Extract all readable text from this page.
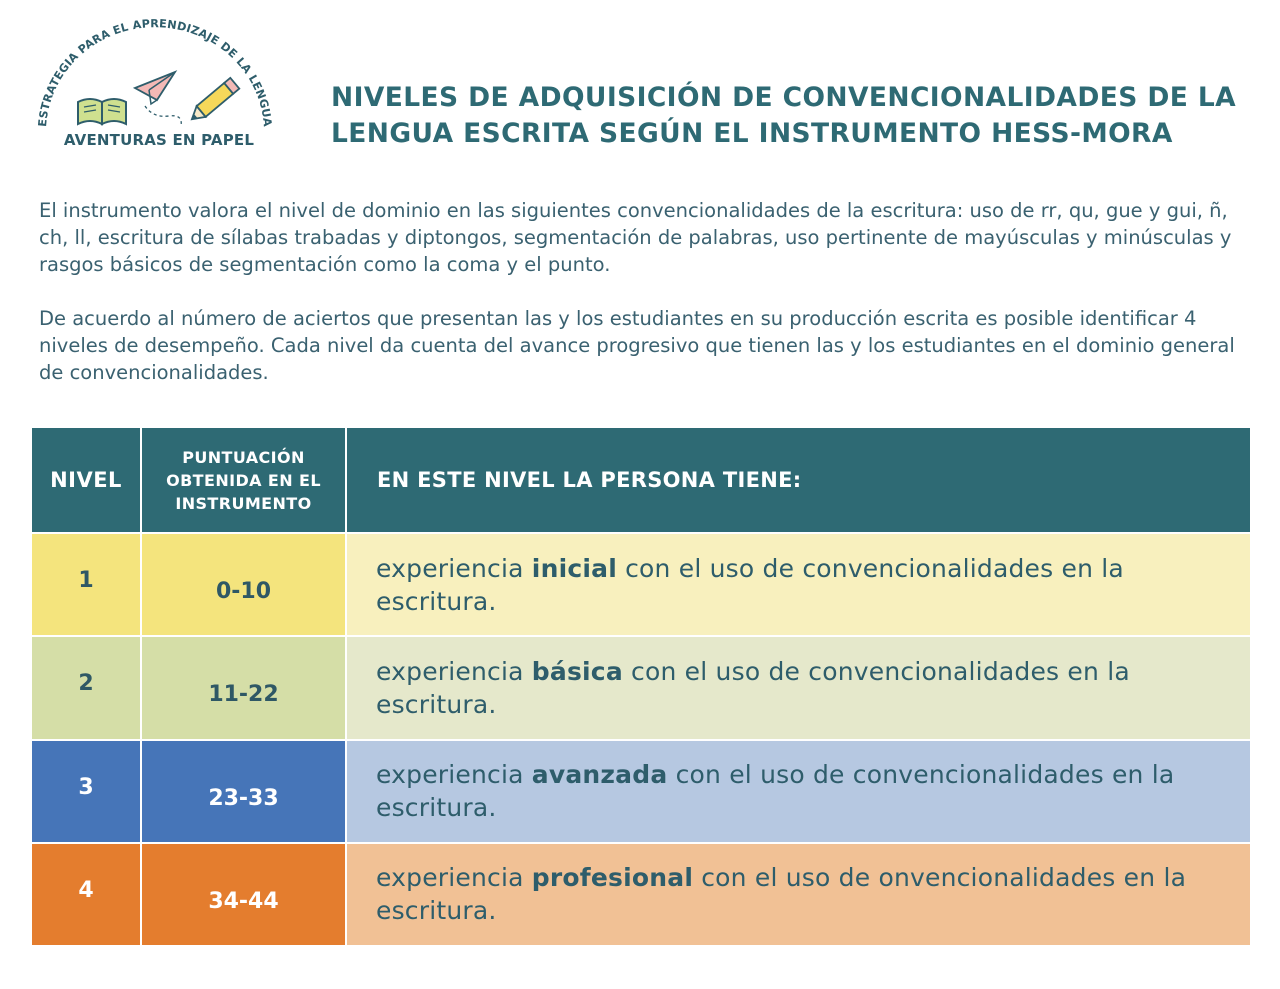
ESTRATEGIA PARA EL APRENDIZAJE DE LA LENGUA
AVENTURAS EN PAPEL
NIVELES DE ADQUISICIÓN DE CONVENCIONALIDADES DE LA LENGUA ESCRITA SEGÚN EL INSTRUMENTO HESS-MORA

El instrumento valora el nivel de dominio en las siguientes convencionalidades de la escritura: uso de rr, qu, gue y gui, ñ, ch, ll, escritura de sílabas trabadas y diptongos, segmentación de palabras, uso pertinente de mayúsculas y minúsculas y rasgos básicos de segmentación como la coma y el punto.

De acuerdo al número de aciertos que presentan las y los estudiantes en su producción escrita es posible identificar 4 niveles de desempeño. Cada nivel da cuenta del avance progresivo que tienen las y los estudiantes en el dominio general de convencionalidades.

NIVEL	PUNTUACIÓN OBTENIDA EN EL INSTRUMENTO	EN ESTE NIVEL LA PERSONA TIENE:
1	0-10	experiencia inicial con el uso de convencionalidades en la escritura.
2	11-22	experiencia básica con el uso de convencionalidades en la escritura.
3	23-33	experiencia avanzada con el uso de convencionalidades en la escritura.
4	34-44	experiencia profesional con el uso de onvencionalidades en la escritura.
